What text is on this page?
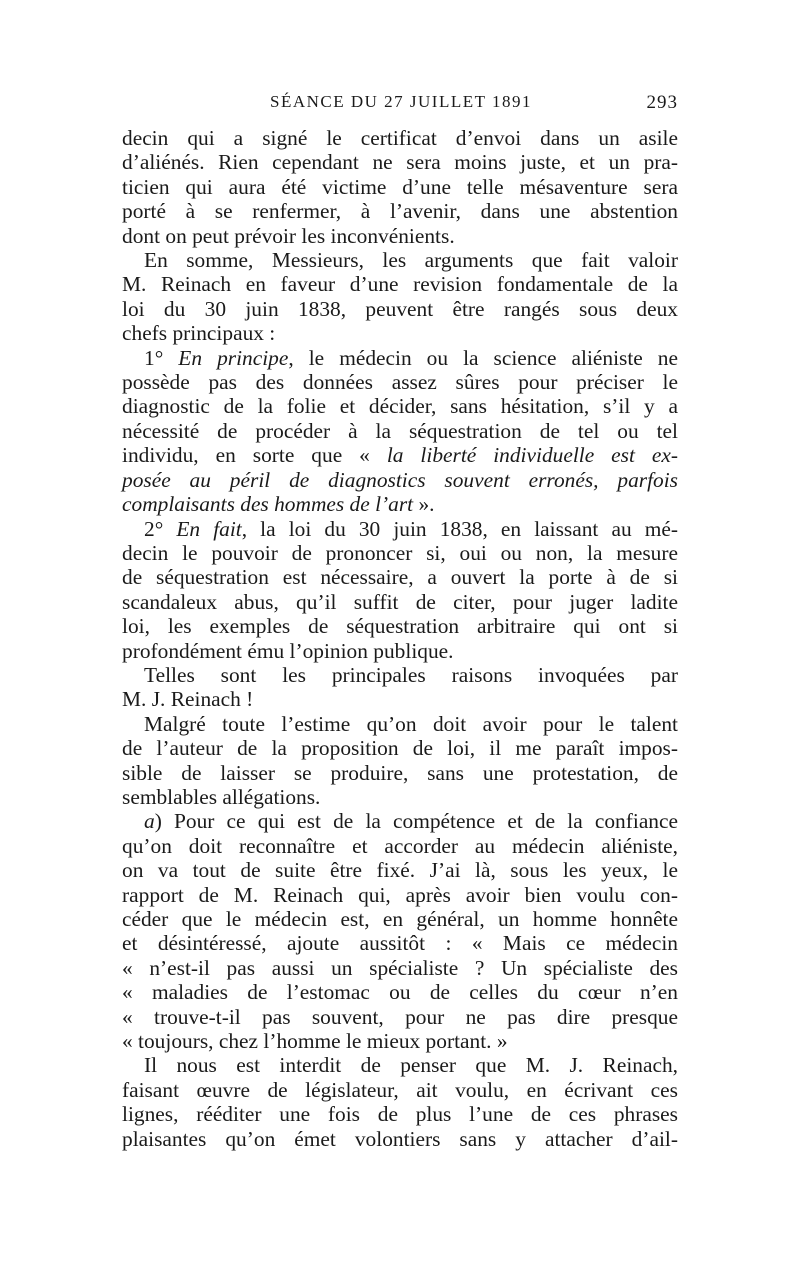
SÉANCE DU 27 JUILLET 1891	293
decin qui a signé le certificat d’envoi dans un asile
d’aliénés. Rien cependant ne sera moins juste, et un pra-
ticien qui aura été victime d’une telle mésaventure sera
porté à se renfermer, à l’avenir, dans une abstention
dont on peut prévoir les inconvénients.
En somme, Messieurs, les arguments que fait valoir
M. Reinach en faveur d’une revision fondamentale de la
loi du 30 juin 1838, peuvent être rangés sous deux
chefs principaux :
1° En principe, le médecin ou la science aliéniste ne
possède pas des données assez sûres pour préciser le
diagnostic de la folie et décider, sans hésitation, s’il y a
nécessité de procéder à la séquestration de tel ou tel
individu, en sorte que « la liberté individuelle est ex-
posée au péril de diagnostics souvent erronés, parfois
complaisants des hommes de l’art ».
2° En fait, la loi du 30 juin 1838, en laissant au mé-
decin le pouvoir de prononcer si, oui ou non, la mesure
de séquestration est nécessaire, a ouvert la porte à de si
scandaleux abus, qu’il suffit de citer, pour juger ladite
loi, les exemples de séquestration arbitraire qui ont si
profondément ému l’opinion publique.
Telles sont les principales raisons invoquées par
M. J. Reinach !
Malgré toute l’estime qu’on doit avoir pour le talent
de l’auteur de la proposition de loi, il me paraît impos-
sible de laisser se produire, sans une protestation, de
semblables allégations.
a) Pour ce qui est de la compétence et de la confiance
qu’on doit reconnaître et accorder au médecin aliéniste,
on va tout de suite être fixé. J’ai là, sous les yeux, le
rapport de M. Reinach qui, après avoir bien voulu con-
céder que le médecin est, en général, un homme honnête
et désintéressé, ajoute aussitôt : « Mais ce médecin
« n’est-il pas aussi un spécialiste ? Un spécialiste des
« maladies de l’estomac ou de celles du cœur n’en
« trouve-t-il pas souvent, pour ne pas dire presque
« toujours, chez l’homme le mieux portant. »
Il nous est interdit de penser que M. J. Reinach,
faisant œuvre de législateur, ait voulu, en écrivant ces
lignes, rééditer une fois de plus l’une de ces phrases
plaisantes qu’on émet volontiers sans y attacher d’ail-
